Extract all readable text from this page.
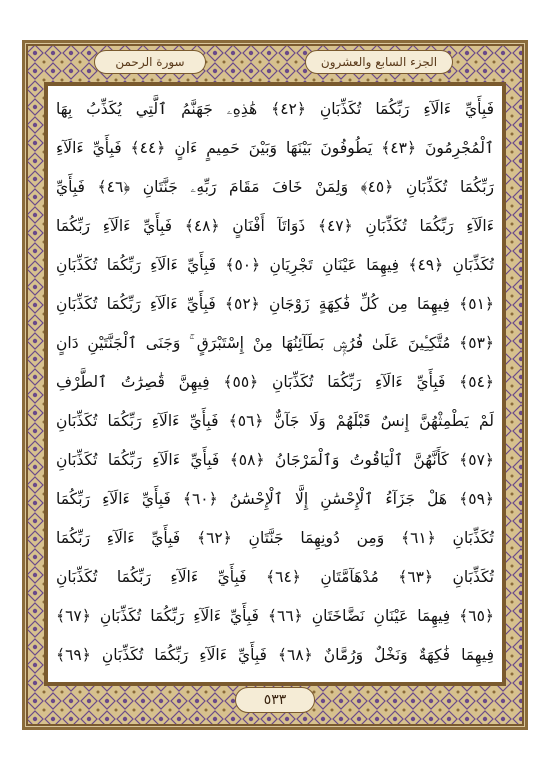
الجزء السابع والعشرون
سورة الرحمن
فَبِأَيِّ ءَالَآءِ رَبِّكُمَا تُكَذِّبَانِ ﴿٤٢﴾ هَٰذِهِۦ جَهَنَّمُ ٱلَّتِي يُكَذِّبُ بِهَا
ٱلْمُجْرِمُونَ ﴿٤٣﴾ يَطُوفُونَ بَيْنَهَا وَبَيْنَ حَمِيمٍ ءَانٍ ﴿٤٤﴾ فَبِأَيِّ ءَالَآءِ
رَبِّكُمَا تُكَذِّبَانِ ﴿٤٥﴾ وَلِمَنْ خَافَ مَقَامَ رَبِّهِۦ جَنَّتَانِ ﴿٤٦﴾ فَبِأَيِّ
ءَالَآءِ رَبِّكُمَا تُكَذِّبَانِ ﴿٤٧﴾ ذَوَاتَآ أَفْنَانٍ ﴿٤٨﴾ فَبِأَيِّ ءَالَآءِ رَبِّكُمَا
تُكَذِّبَانِ ﴿٤٩﴾ فِيهِمَا عَيْنَانِ تَجْرِيَانِ ﴿٥٠﴾ فَبِأَيِّ ءَالَآءِ رَبِّكُمَا تُكَذِّبَانِ
﴿٥١﴾ فِيهِمَا مِن كُلِّ فَٰكِهَةٍ زَوْجَانِ ﴿٥٢﴾ فَبِأَيِّ ءَالَآءِ رَبِّكُمَا تُكَذِّبَانِ
﴿٥٣﴾ مُتَّكِـِٔينَ عَلَىٰ فُرُشٍۭ بَطَآئِنُهَا مِنْ إِسْتَبْرَقٍ ۚ وَجَنَى ٱلْجَنَّتَيْنِ دَانٍ
﴿٥٤﴾ فَبِأَيِّ ءَالَآءِ رَبِّكُمَا تُكَذِّبَانِ ﴿٥٥﴾ فِيهِنَّ قَٰصِرَٰتُ ٱلطَّرْفِ
لَمْ يَطْمِثْهُنَّ إِنسٌ قَبْلَهُمْ وَلَا جَآنٌّ ﴿٥٦﴾ فَبِأَيِّ ءَالَآءِ رَبِّكُمَا تُكَذِّبَانِ
﴿٥٧﴾ كَأَنَّهُنَّ ٱلْيَاقُوتُ وَٱلْمَرْجَانُ ﴿٥٨﴾ فَبِأَيِّ ءَالَآءِ رَبِّكُمَا تُكَذِّبَانِ
﴿٥٩﴾ هَلْ جَزَآءُ ٱلْإِحْسَٰنِ إِلَّا ٱلْإِحْسَٰنُ ﴿٦٠﴾ فَبِأَيِّ ءَالَآءِ رَبِّكُمَا
تُكَذِّبَانِ ﴿٦١﴾ وَمِن دُونِهِمَا جَنَّتَانِ ﴿٦٢﴾ فَبِأَيِّ ءَالَآءِ رَبِّكُمَا
تُكَذِّبَانِ ﴿٦٣﴾ مُدْهَآمَّتَانِ ﴿٦٤﴾ فَبِأَيِّ ءَالَآءِ رَبِّكُمَا تُكَذِّبَانِ
﴿٦٥﴾ فِيهِمَا عَيْنَانِ نَضَّاخَتَانِ ﴿٦٦﴾ فَبِأَيِّ ءَالَآءِ رَبِّكُمَا تُكَذِّبَانِ ﴿٦٧﴾
فِيهِمَا فَٰكِهَةٌ وَنَخْلٌ وَرُمَّانٌ ﴿٦٨﴾ فَبِأَيِّ ءَالَآءِ رَبِّكُمَا تُكَذِّبَانِ ﴿٦٩﴾
٥٣٣
